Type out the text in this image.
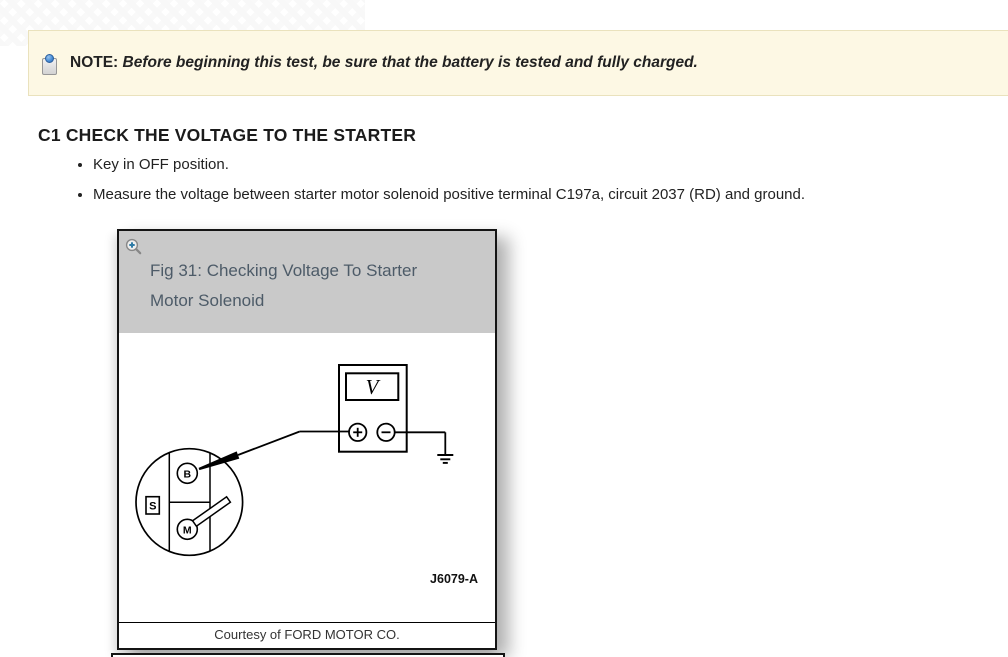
NOTE: Before beginning this test, be sure that the battery is tested and fully charged.

C1 CHECK THE VOLTAGE TO THE STARTER
• Key in OFF position.
• Measure the voltage between starter motor solenoid positive terminal C197a, circuit 2037 (RD) and ground.
Fig 31: Checking Voltage To Starter
Motor Solenoid
V
S
B
M
J6079-A
Courtesy of FORD MOTOR CO.
